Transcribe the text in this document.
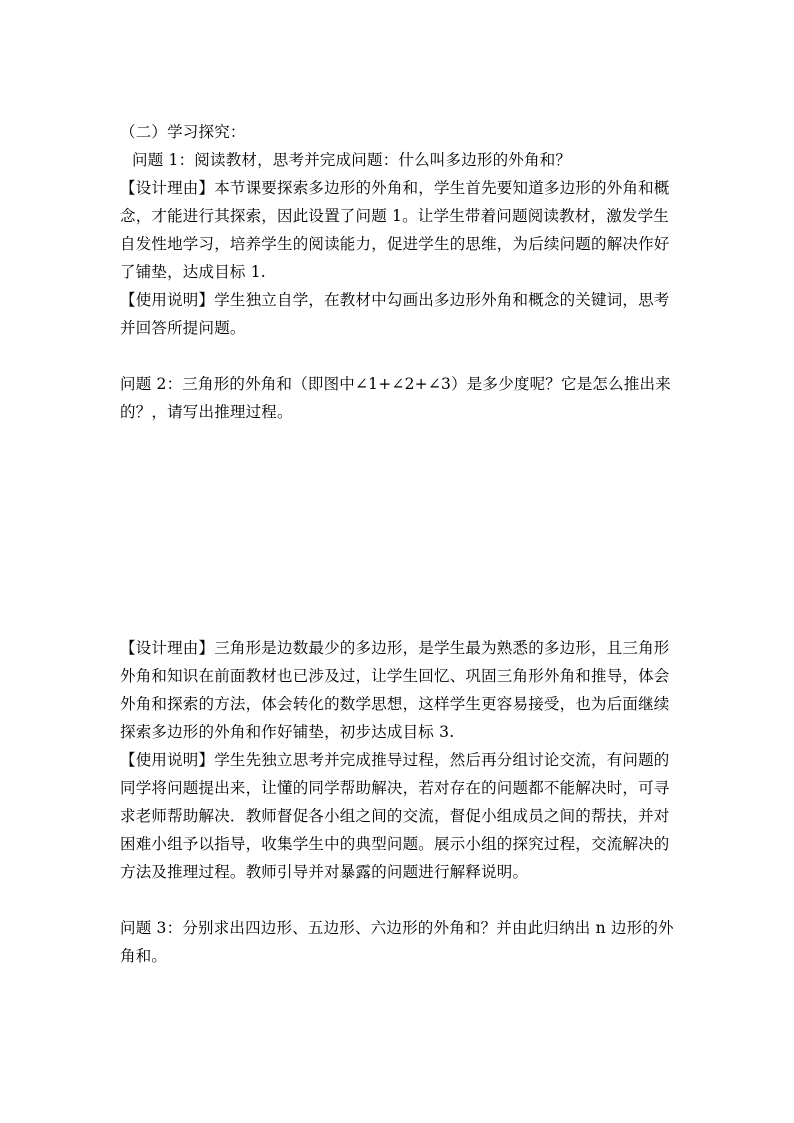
（二）学习探究：
问题 1：阅读教材，思考并完成问题：什么叫多边形的外角和？
【设计理由】本节课要探索多边形的外角和，学生首先要知道多边形的外角和概
念，才能进行其探索，因此设置了问题 1。让学生带着问题阅读教材，激发学生
自发性地学习，培养学生的阅读能力，促进学生的思维，为后续问题的解决作好
了铺垫，达成目标 1.
【使用说明】学生独立自学，在教材中勾画出多边形外角和概念的关键词，思考
并回答所提问题。
问题 2：三角形的外角和（即图中∠1+∠2+∠3）是多少度呢？它是怎么推出来
的？，请写出推理过程。
【设计理由】三角形是边数最少的多边形，是学生最为熟悉的多边形，且三角形
外角和知识在前面教材也已涉及过，让学生回忆、巩固三角形外角和推导，体会
外角和探索的方法，体会转化的数学思想，这样学生更容易接受，也为后面继续
探索多边形的外角和作好铺垫，初步达成目标 3.
【使用说明】学生先独立思考并完成推导过程，然后再分组讨论交流，有问题的
同学将问题提出来，让懂的同学帮助解决，若对存在的问题都不能解决时，可寻
求老师帮助解决．教师督促各小组之间的交流，督促小组成员之间的帮扶，并对
困难小组予以指导，收集学生中的典型问题。展示小组的探究过程，交流解决的
方法及推理过程。教师引导并对暴露的问题进行解释说明。
问题 3：分别求出四边形、五边形、六边形的外角和？并由此归纳出 n 边形的外
角和。
